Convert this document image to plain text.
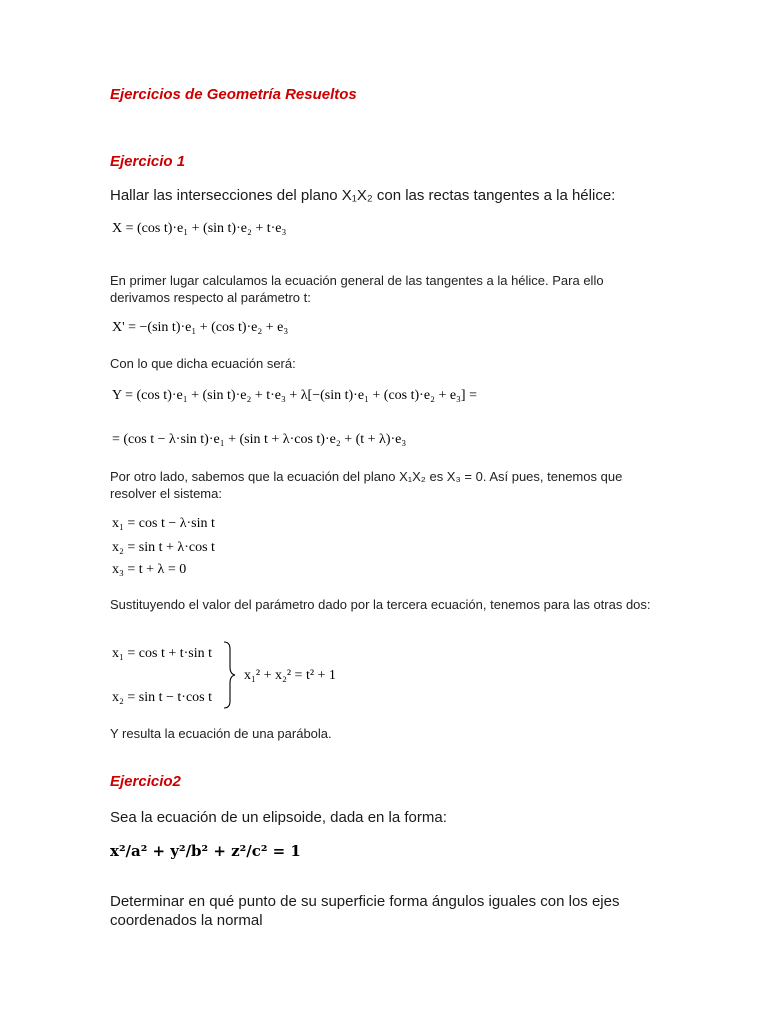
Ejercicios de Geometría Resueltos

Ejercicio 1

Hallar las intersecciones del plano X₁X₂ con las rectas tangentes a la hélice:

X = (cos t)·e₁ + (sin t)·e₂ + t·e₃

En primer lugar calculamos la ecuación general de las tangentes a la hélice. Para ello derivamos respecto al parámetro t:

X' = −(sin t)·e₁ + (cos t)·e₂ + e₃

Con lo que dicha ecuación será:

Y = (cos t)·e₁ + (sin t)·e₂ + t·e₃ + λ[−(sin t)·e₁ + (cos t)·e₂ + e₃] =
= (cos t − λ·sin t)·e₁ + (sin t + λ·cos t)·e₂ + (t + λ)·e₃

Por otro lado, sabemos que la ecuación del plano X₁X₂ es X₃ = 0. Así pues, tenemos que resolver el sistema:

x₁ = cos t − λ·sin t
x₂ = sin t + λ·cos t
x₃ = t + λ = 0

Sustituyendo el valor del parámetro dado por la tercera ecuación, tenemos para las otras dos:

x₁ = cos t + t·sin t
x₂ = sin t − t·cos t
x₁² + x₂² = t² + 1

Y resulta la ecuación de una parábola.

Ejercicio2

Sea la ecuación de un elipsoide, dada en la forma:

x²/a² + y²/b² + z²/c² = 1

Determinar en qué punto de su superficie forma ángulos iguales con los ejes coordenados la normal
